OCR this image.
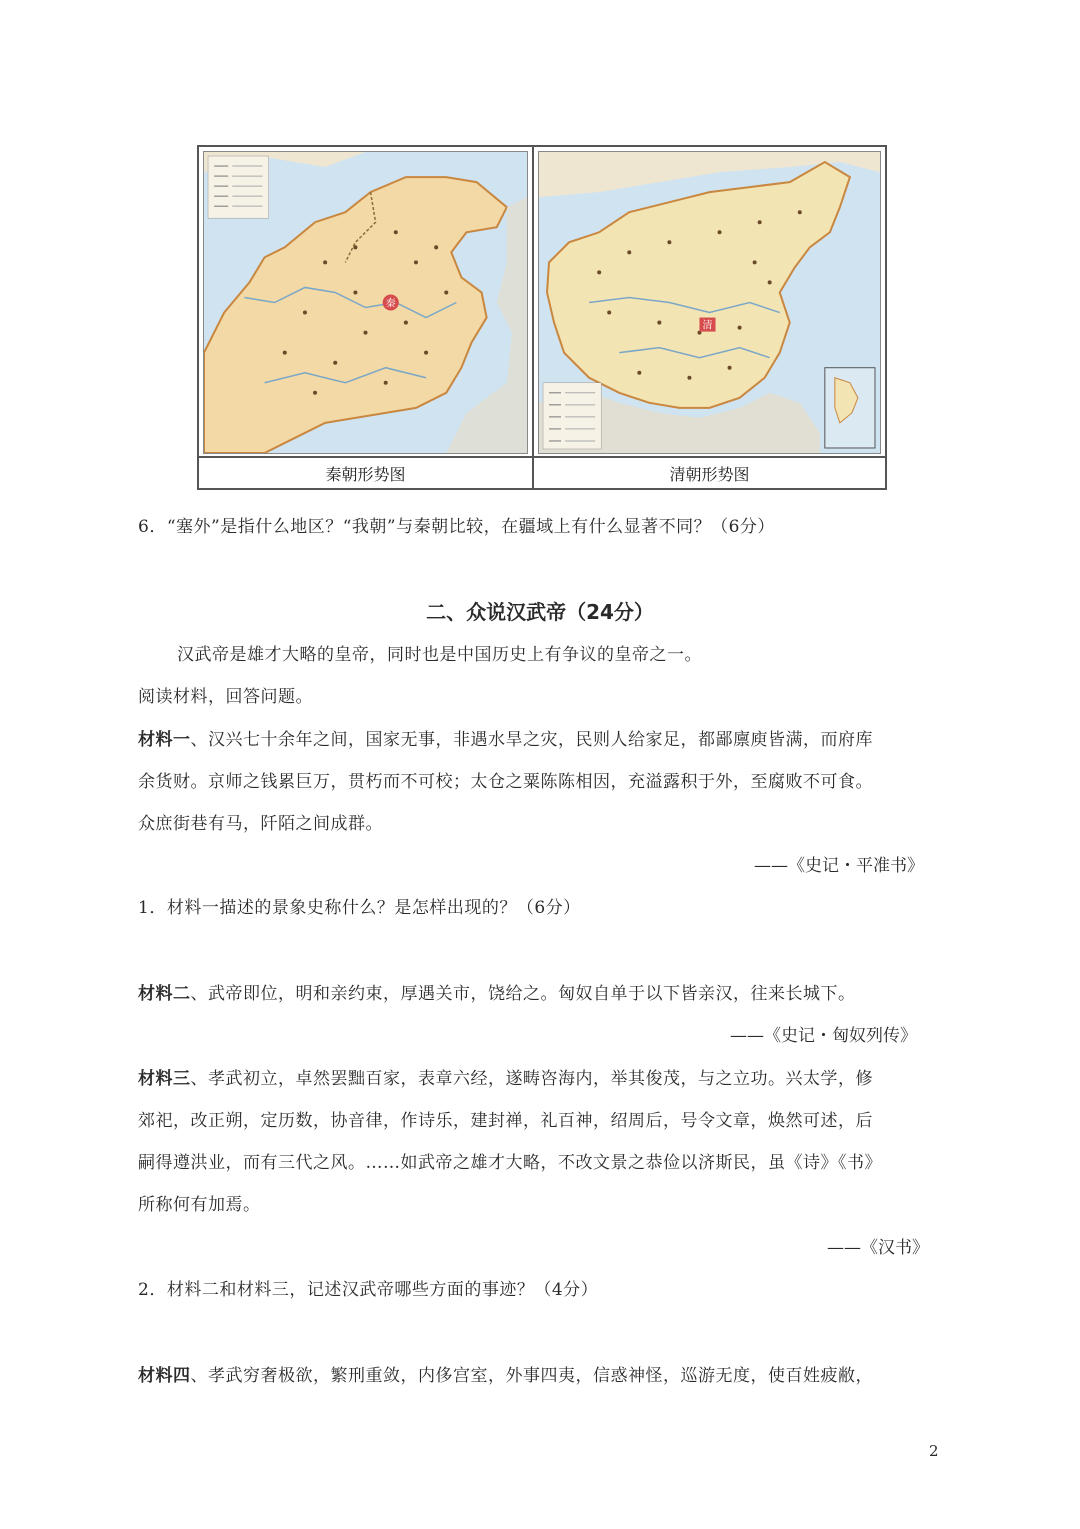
秦
秦朝形势图
清
清朝形势图
6．“塞外”是指什么地区？“我朝”与秦朝比较，在疆域上有什么显著不同？（6分）
二、众说汉武帝（24分）
汉武帝是雄才大略的皇帝，同时也是中国历史上有争议的皇帝之一。
阅读材料，回答问题。
材料一、汉兴七十余年之间，国家无事，非遇水旱之灾，民则人给家足，都鄙廪庾皆满，而府库
余货财。京师之钱累巨万，贯朽而不可校；太仓之粟陈陈相因，充溢露积于外，至腐败不可食。
众庶街巷有马，阡陌之间成群。
——《史记・平准书》
1．材料一描述的景象史称什么？是怎样出现的？（6分）
材料二、武帝即位，明和亲约束，厚遇关市，饶给之。匈奴自单于以下皆亲汉，往来长城下。
——《史记・匈奴列传》
材料三、孝武初立，卓然罢黜百家，表章六经，遂畴咨海内，举其俊茂，与之立功。兴太学，修
郊祀，改正朔，定历数，协音律，作诗乐，建封禅，礼百神，绍周后，号令文章，焕然可述，后
嗣得遵洪业，而有三代之风。……如武帝之雄才大略，不改文景之恭俭以济斯民，虽《诗》《书》
所称何有加焉。
——《汉书》
2．材料二和材料三，记述汉武帝哪些方面的事迹？（4分）
材料四、孝武穷奢极欲，繁刑重敛，内侈宫室，外事四夷，信惑神怪，巡游无度，使百姓疲敝，
2
